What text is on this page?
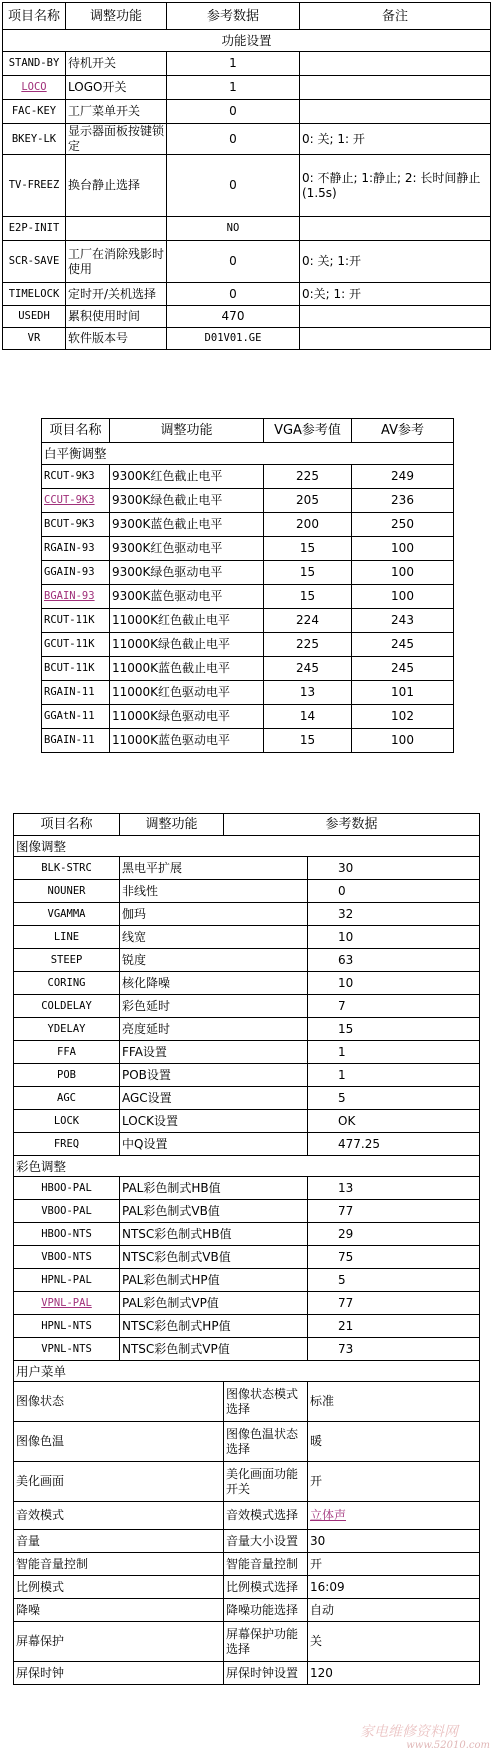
项目名称	调整功能	参考数据	备注
功能设置			
STAND-BY	待机开关	1	
LOCO	LOGO开关	1	
FAC-KEY	工厂菜单开关	0	
BKEY-LK	显示器面板按键锁定	0	0: 关; 1: 开
TV-FREEZ	换台静止选择	0	0: 不静止; 1:静止; 2: 长时间静止 (1.5s)
E2P-INIT		NO	
SCR-SAVE	工厂在消除残影时使用	0	0: 关; 1:开
TIMELOCK	定时开/关机选择	0	0:关; 1: 开
USEDH	累积使用时间	470	
VR	软件版本号	D01V01.GE	
项目名称	调整功能	VGA参考值	AV参考
白平衡调整			
RCUT-9K3	9300K红色截止电平	225	249
CCUT-9K3	9300K绿色截止电平	205	236
BCUT-9K3	9300K蓝色截止电平	200	250
RGAIN-93	9300K红色驱动电平	15	100
GGAIN-93	9300K绿色驱动电平	15	100
BGAIN-93	9300K蓝色驱动电平	15	100
RCUT-11K	11000K红色截止电平	224	243
GCUT-11K	11000K绿色截止电平	225	245
BCUT-11K	11000K蓝色截止电平	245	245
RGAIN-11	11000K红色驱动电平	13	101
GGAtN-11	11000K绿色驱动电平	14	102
BGAIN-11	11000K蓝色驱动电平	15	100
项目名称	调整功能	参考数据	
图像调整			
BLK-STRC	黑电平扩展		30
NOUNER	非线性		0
VGAMMA	伽玛		32
LINE	线宽		10
STEEP	锐度		63
CORING	核化降噪		10
COLDELAY	彩色延时		7
YDELAY	亮度延时		15
FFA	FFA设置		1
POB	POB设置		1
AGC	AGC设置		5
LOCK	LOCK设置		OK
FREQ	中Q设置		477.25
彩色调整			
HBOO-PAL	PAL彩色制式HB值		13
VBOO-PAL	PAL彩色制式VB值		77
HBOO-NTS	NTSC彩色制式HB值		29
VBOO-NTS	NTSC彩色制式VB值		75
HPNL-PAL	PAL彩色制式HP值		5
VPNL-PAL	PAL彩色制式VP值		77
HPNL-NTS	NTSC彩色制式HP值		21
VPNL-NTS	NTSC彩色制式VP值		73
用户菜单			
图像状态		图像状态模式选择	标准
图像色温		图像色温状态选择	暖
美化画面		美化画面功能开关	开
音效模式		音效模式选择	立体声
音量		音量大小设置	30
智能音量控制		智能音量控制	开
比例模式		比例模式选择	16:09
降噪		降噪功能选择	自动
屏幕保护		屏幕保护功能选择	关
屏保时钟		屏保时钟设置	120
家电维修资料网
www.52010.com
